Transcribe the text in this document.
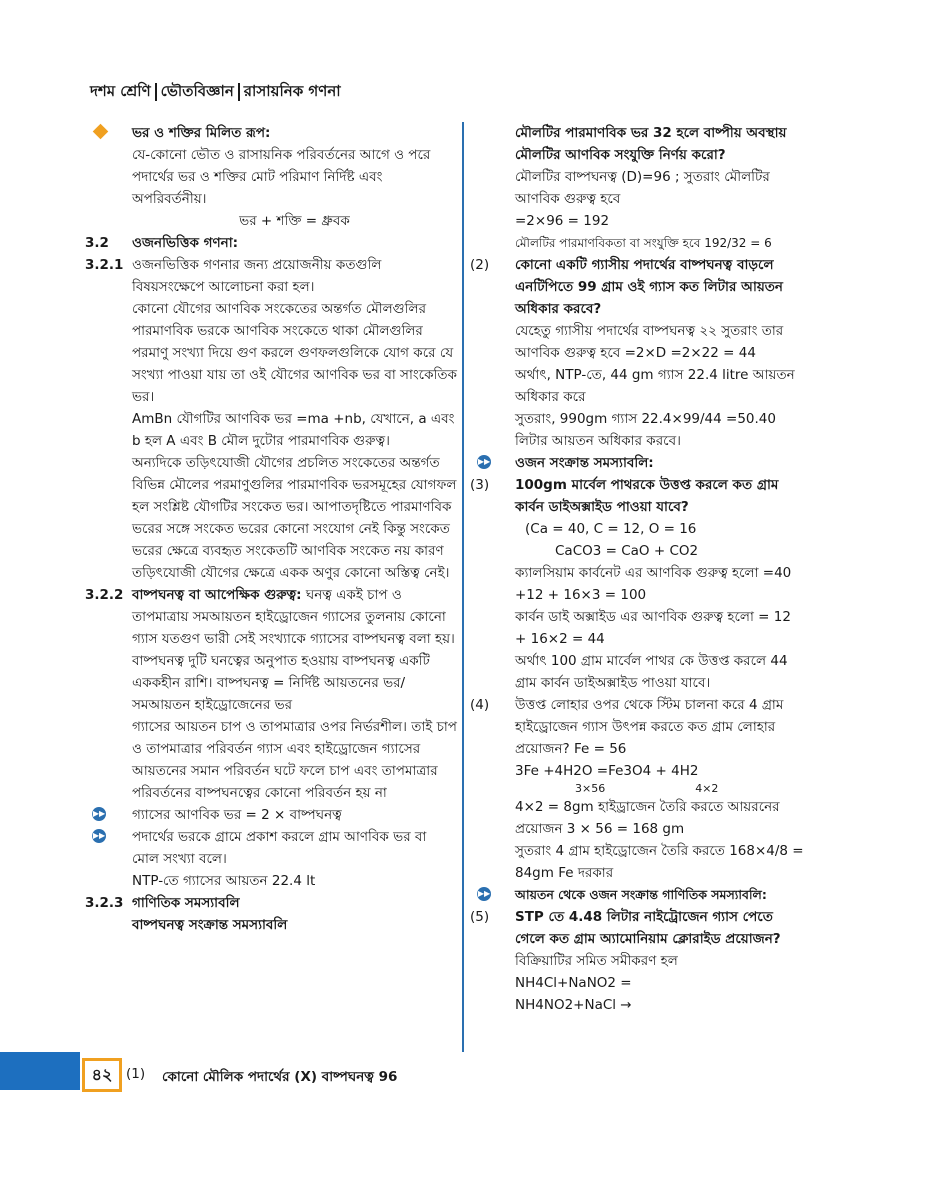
দশম শ্রেণি ভৌতবিজ্ঞান রাসায়নিক গণনা

ভর ও শক্তির মিলিত রূপ:

যে-কোনো ভৌত ও রাসায়নিক পরিবর্তনের আগে ও পরে পদার্থের ভর ও শক্তির মোট পরিমাণ নির্দিষ্ট এবং অপরিবর্তনীয়।

ভর + শক্তি = ধ্রুবক

3.2 ওজনভিত্তিক গণনা:

3.2.1 ওজনভিত্তিক গণনার জন্য প্রয়োজনীয় কতগুলি বিষয়সংক্ষেপে আলোচনা করা হল।

কোনো যৌগের আণবিক সংকেতের অন্তর্গত মৌলগুলির পারমাণবিক ভরকে আণবিক সংকেতে থাকা মৌলগুলির পরমাণু সংখ্যা দিয়ে গুণ করলে গুণফলগুলিকে যোগ করে যে সংখ্যা পাওয়া যায় তা ওই যৌগের আণবিক ভর বা সাংকেতিক ভর।

AmBn যৌগটির আণবিক ভর =ma +nb, যেখানে, a এবং b হল A এবং B মৌল দুটোর পারমাণবিক গুরুত্ব।

অন্যদিকে তড়িৎযোজী যৌগের প্রচলিত সংকেতের অন্তর্গত বিভিন্ন মৌলের পরমাণুগুলির পারমাণবিক ভরসমূহের যোগফল হল সংশ্লিষ্ট যৌগটির সংকেত ভর। আপাতদৃষ্টিতে পারমাণবিক ভরের সঙ্গে সংকেত ভরের কোনো সংযোগ নেই কিন্তু সংকেত ভরের ক্ষেত্রে ব্যবহৃত সংকেতটি আণবিক সংকেত নয় কারণ তড়িৎযোজী যৌগের ক্ষেত্রে একক অণুর কোনো অস্তিত্ব নেই।

3.2.2 বাষ্পঘনত্ব বা আপেক্ষিক গুরুত্ব: ঘনত্ব একই চাপ ও তাপমাত্রায় সমআয়তন হাইড্রোজেন গ্যাসের তুলনায় কোনো গ্যাস যতগুণ ভারী সেই সংখ্যাকে গ্যাসের বাষ্পঘনত্ব বলা হয়। বাষ্পঘনত্ব দুটি ঘনত্বের অনুপাত হওয়ায় বাষ্পঘনত্ব একটি এককহীন রাশি। বাষ্পঘনত্ব = নির্দিষ্ট আয়তনের ভর/সমআয়তন হাইড্রোজেনের ভর

গ্যাসের আয়তন চাপ ও তাপমাত্রার ওপর নির্ভরশীল। তাই চাপ ও তাপমাত্রার পরিবর্তন গ্যাস এবং হাইড্রোজেন গ্যাসের আয়তনের সমান পরিবর্তন ঘটে ফলে চাপ এবং তাপমাত্রার পরিবর্তনের বাষ্পঘনত্বের কোনো পরিবর্তন হয় না

▶▶ গ্যাসের আণবিক ভর = 2 × বাষ্পঘনত্ব

▶▶ পদার্থের ভরকে গ্রামে প্রকাশ করলে গ্রাম আণবিক ভর বা মোল সংখ্যা বলে।

NTP-তে গ্যাসের আয়তন 22.4 lt

3.2.3 গাণিতিক সমস্যাবলি

বাষ্পঘনত্ব সংক্রান্ত সমস্যাবলি

(1) কোনো মৌলিক পদার্থের (X) বাষ্পঘনত্ব 96

মৌলটির পারমাণবিক ভর 32 হলে বাষ্পীয় অবস্থায় মৌলটির আণবিক সংযুক্তি নির্ণয় করো?

মৌলটির বাষ্পঘনত্ব (D)=96 ; সুতরাং মৌলটির আণবিক গুরুত্ব হবে

=2×96 = 192

মৌলটির পারমাণবিকতা বা সংযুক্তি হবে 192/32 = 6

(2) কোনো একটি গ্যাসীয় পদার্থের বাষ্পঘনত্ব বাড়লে এনটিপিতে 99 গ্রাম ওই গ্যাস কত লিটার আয়তন অধিকার করবে?

যেহেতু গ্যাসীয় পদার্থের বাষ্পঘনত্ব ২২ সুতরাং তার আণবিক গুরুত্ব হবে =2×D =2×22 = 44

অর্থাৎ, NTP-তে, 44 gm গ্যাস 22.4 litre আয়তন অধিকার করে

সুতরাং, 990gm গ্যাস 22.4×99/44 =50.40 লিটার আয়তন অধিকার করবে।

▶▶ ওজন সংক্রান্ত সমস্যাবলি:

(3) 100gm মার্বেল পাথরকে উত্তপ্ত করলে কত গ্রাম কার্বন ডাইঅক্সাইড পাওয়া যাবে?

(Ca = 40, C = 12, O = 16

CaCO3 = CaO + CO2

ক্যালসিয়াম কার্বনেট এর আণবিক গুরুত্ব হলো =40 +12 + 16×3 = 100

কার্বন ডাই অক্সাইড এর আণবিক গুরুত্ব হলো = 12 + 16×2 = 44

অর্থাৎ 100 গ্রাম মার্বেল পাথর কে উত্তপ্ত করলে 44 গ্রাম কার্বন ডাইঅক্সাইড পাওয়া যাবে।

(4) উত্তপ্ত লোহার ওপর থেকে স্টিম চালনা করে 4 গ্রাম হাইড্রোজেন গ্যাস উৎপন্ন করতে কত গ্রাম লোহার প্রয়োজন? Fe = 56

3Fe +4H2O =Fe3O4 + 4H2

3×56	4×2

4×2 = 8gm হাইড্রাজেন তৈরি করতে আয়রনের প্রয়োজন 3 × 56 = 168 gm

সুতরাং 4 গ্রাম হাইড্রোজেন তৈরি করতে 168×4/8 = 84gm Fe দরকার

▶▶ আয়তন থেকে ওজন সংক্রান্ত গাণিতিক সমস্যাবলি:

(5) STP তে 4.48 লিটার নাইট্রোজেন গ্যাস পেতে গেলে কত গ্রাম অ্যামোনিয়াম ক্লোরাইড প্রয়োজন?

বিক্রিয়াটির সমিত সমীকরণ হল

NH4Cl+NaNO2 =

NH4NO2+NaCl →

৪২
